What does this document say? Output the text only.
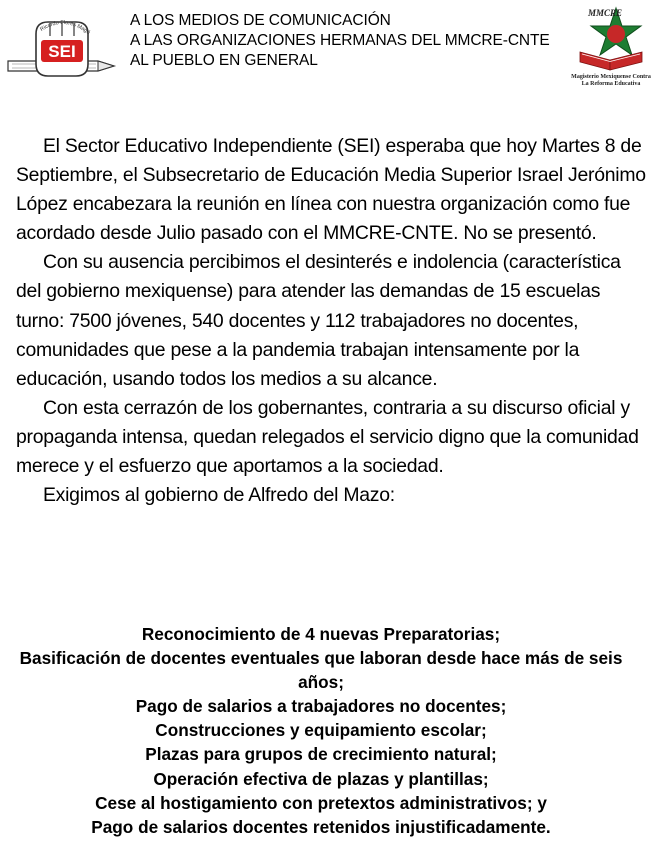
SEI
Ricardo Flores Magó
A LOS MEDIOS DE COMUNICACIÓN
A LAS ORGANIZACIONES HERMANAS DEL MMCRE-CNTE
AL PUEBLO EN GENERAL
MMCRE
Magisterio Mexiquense Contra
La Reforma Educativa

El Sector Educativo Independiente (SEI) esperaba que hoy Martes 8 de Septiembre, el Subsecretario de Educación Media Superior Israel Jerónimo López encabezara la reunión en línea con nuestra organización como fue acordado desde Julio pasado con el MMCRE-CNTE. No se presentó.

Con su ausencia percibimos el desinterés e indolencia (característica del gobierno mexiquense) para atender las demandas de 15 escuelas turno: 7500 jóvenes, 540 docentes y 112 trabajadores no docentes, comunidades que pese a la pandemia trabajan intensamente por la educación, usando todos los medios a su alcance.

Con esta cerrazón de los gobernantes, contraria a su discurso oficial y propaganda intensa, quedan relegados el servicio digno que la comunidad merece y el esfuerzo que aportamos a la sociedad.

Exigimos al gobierno de Alfredo del Mazo:

Reconocimiento de 4 nuevas Preparatorias;
Basificación de docentes eventuales que laboran desde hace más de seis años;
Pago de salarios a trabajadores no docentes;
Construcciones y equipamiento escolar;
Plazas para grupos de crecimiento natural;
Operación efectiva de plazas y plantillas;
Cese al hostigamiento con pretextos administrativos; y
Pago de salarios docentes retenidos injustificadamente.
